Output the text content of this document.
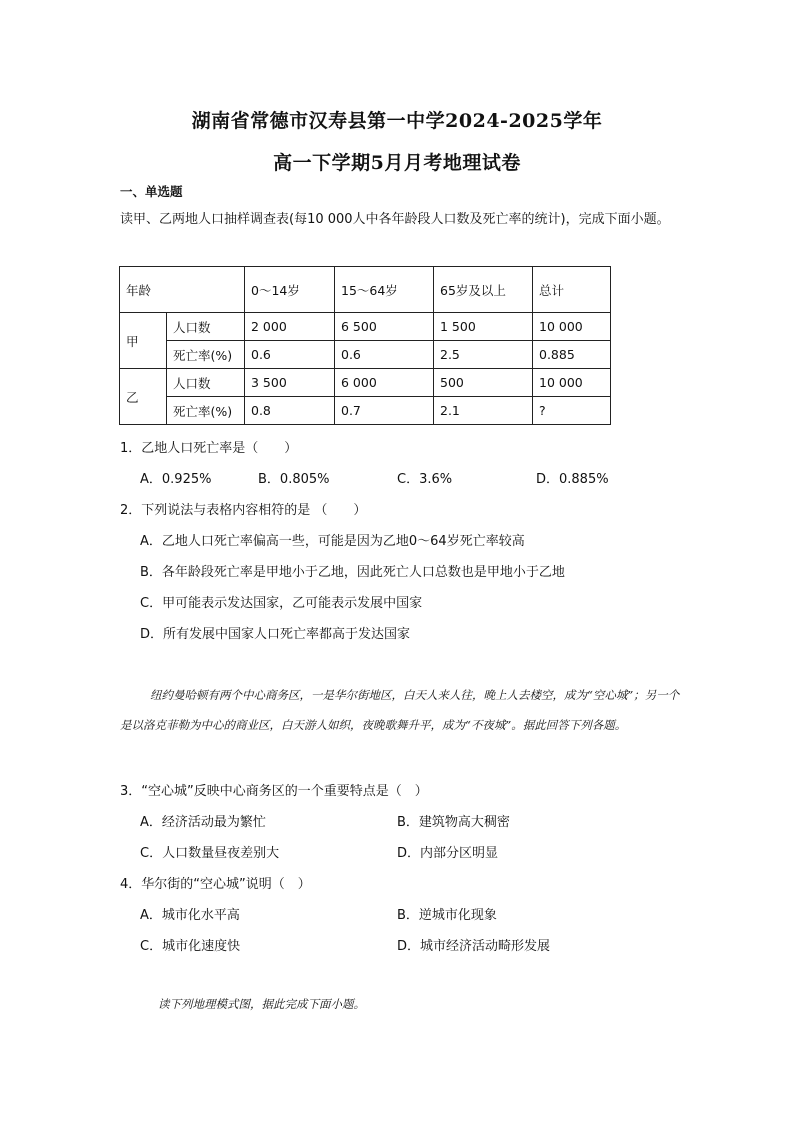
湖南省常德市汉寿县第一中学2024-2025学年
高一下学期5月月考地理试卷
一、单选题
读甲、乙两地人口抽样调查表(每10 000人中各年龄段人口数及死亡率的统计)，完成下面小题。
年龄		0～14岁	15～64岁	65岁及以上	总计
甲	人口数	2 000	6 500	1 500	10 000
	死亡率(%)	0.6	0.6	2.5	0.885
乙	人口数	3 500	6 000	500	10 000
	死亡率(%)	0.8	0.7	2.1	?
1．乙地人口死亡率是（　　）
A．0.925%	B．0.805%	C．3.6%	D．0.885%
2．下列说法与表格内容相符的是 （　　）
A．乙地人口死亡率偏高一些，可能是因为乙地0～64岁死亡率较高
B．各年龄段死亡率是甲地小于乙地，因此死亡人口总数也是甲地小于乙地
C．甲可能表示发达国家，乙可能表示发展中国家
D．所有发展中国家人口死亡率都高于发达国家
纽约曼哈顿有两个中心商务区，一是华尔街地区，白天人来人往，晚上人去楼空，成为“空心城”；另一个是以洛克菲勒为中心的商业区，白天游人如织，夜晚歌舞升平，成为“不夜城”。据此回答下列各题。
3．“空心城”反映中心商务区的一个重要特点是（　）
A．经济活动最为繁忙	B．建筑物高大稠密
C．人口数量昼夜差别大	D．内部分区明显
4．华尔街的“空心城”说明（　）
A．城市化水平高	B．逆城市化现象
C．城市化速度快	D．城市经济活动畸形发展
读下列地理模式图，据此完成下面小题。
